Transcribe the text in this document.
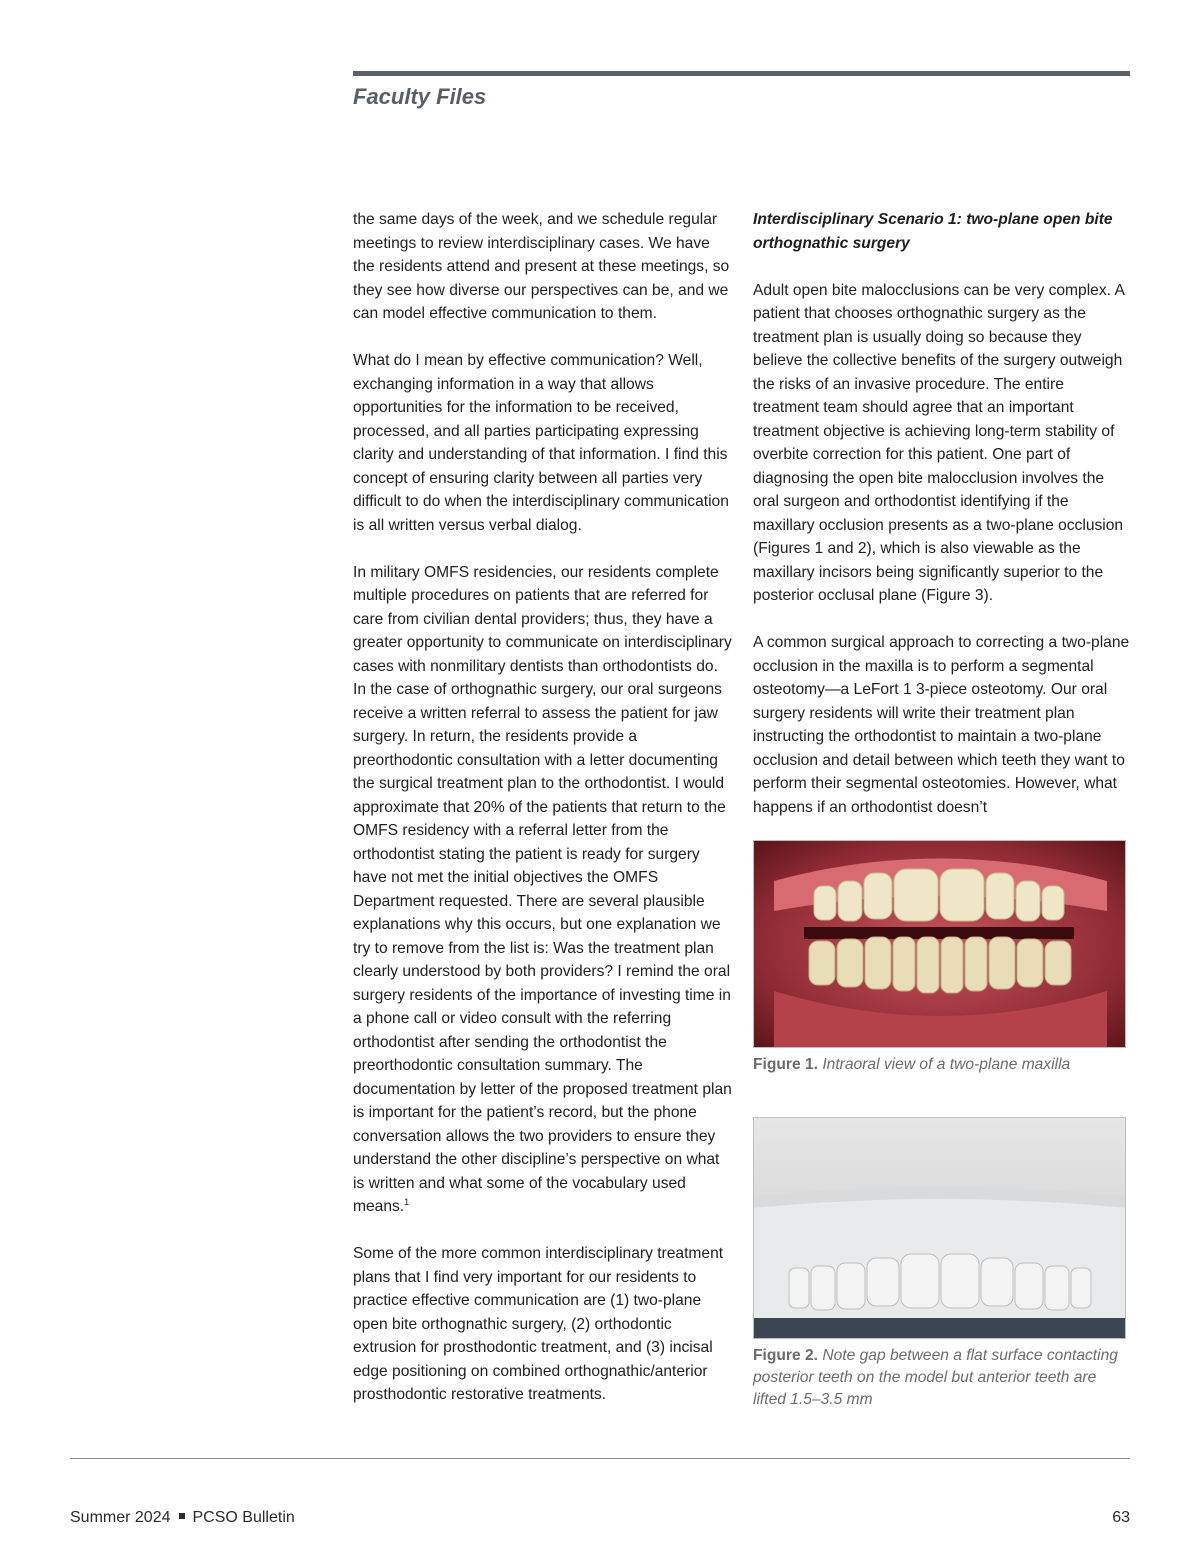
Faculty Files

the same days of the week, and we schedule regular meetings to review interdisciplinary cases. We have the residents attend and present at these meetings, so they see how diverse our perspectives can be, and we can model effective communication to them.

What do I mean by effective communication? Well, exchanging information in a way that allows opportunities for the information to be received, processed, and all parties participating expressing clarity and understanding of that information. I find this concept of ensuring clarity between all parties very difficult to do when the interdisciplinary communication is all written versus verbal dialog.

In military OMFS residencies, our residents complete multiple procedures on patients that are referred for care from civilian dental providers; thus, they have a greater opportunity to communicate on interdisciplinary cases with nonmilitary dentists than orthodontists do. In the case of orthognathic surgery, our oral surgeons receive a written referral to assess the patient for jaw surgery. In return, the residents provide a preorthodontic consultation with a letter documenting the surgical treatment plan to the orthodontist. I would approximate that 20% of the patients that return to the OMFS residency with a referral letter from the orthodontist stating the patient is ready for surgery have not met the initial objectives the OMFS Department requested. There are several plausible explanations why this occurs, but one explanation we try to remove from the list is: Was the treatment plan clearly understood by both providers? I remind the oral surgery residents of the importance of investing time in a phone call or video consult with the referring orthodontist after sending the orthodontist the preorthodontic consultation summary. The documentation by letter of the proposed treatment plan is important for the patient’s record, but the phone conversation allows the two providers to ensure they understand the other discipline’s perspective on what is written and what some of the vocabulary used means.$^1$

Some of the more common interdisciplinary treatment plans that I find very important for our residents to practice effective communication are (1) two-plane open bite orthognathic surgery, (2) orthodontic extrusion for prosthodontic treatment, and (3) incisal edge positioning on combined orthognathic/anterior prosthodontic restorative treatments.

Interdisciplinary Scenario 1: two-plane open bite orthognathic surgery

Adult open bite malocclusions can be very complex. A patient that chooses orthognathic surgery as the treatment plan is usually doing so because they believe the collective benefits of the surgery outweigh the risks of an invasive procedure. The entire treatment team should agree that an important treatment objective is achieving long-term stability of overbite correction for this patient. One part of diagnosing the open bite malocclusion involves the oral surgeon and orthodontist identifying if the maxillary occlusion presents as a two-plane occlusion (Figures 1 and 2), which is also viewable as the maxillary incisors being significantly superior to the posterior occlusal plane (Figure 3).

A common surgical approach to correcting a two-plane occlusion in the maxilla is to perform a segmental osteotomy—a LeFort 1 3-piece osteotomy. Our oral surgery residents will write their treatment plan instructing the orthodontist to maintain a two-plane occlusion and detail between which teeth they want to perform their segmental osteotomies. However, what happens if an orthodontist doesn’t

Figure 1. Intraoral view of a two-plane maxilla
Figure 2. Note gap between a flat surface contacting posterior teeth on the model but anterior teeth are lifted 1.5–3.5 mm
Summer 2024 PCSO Bulletin	63
